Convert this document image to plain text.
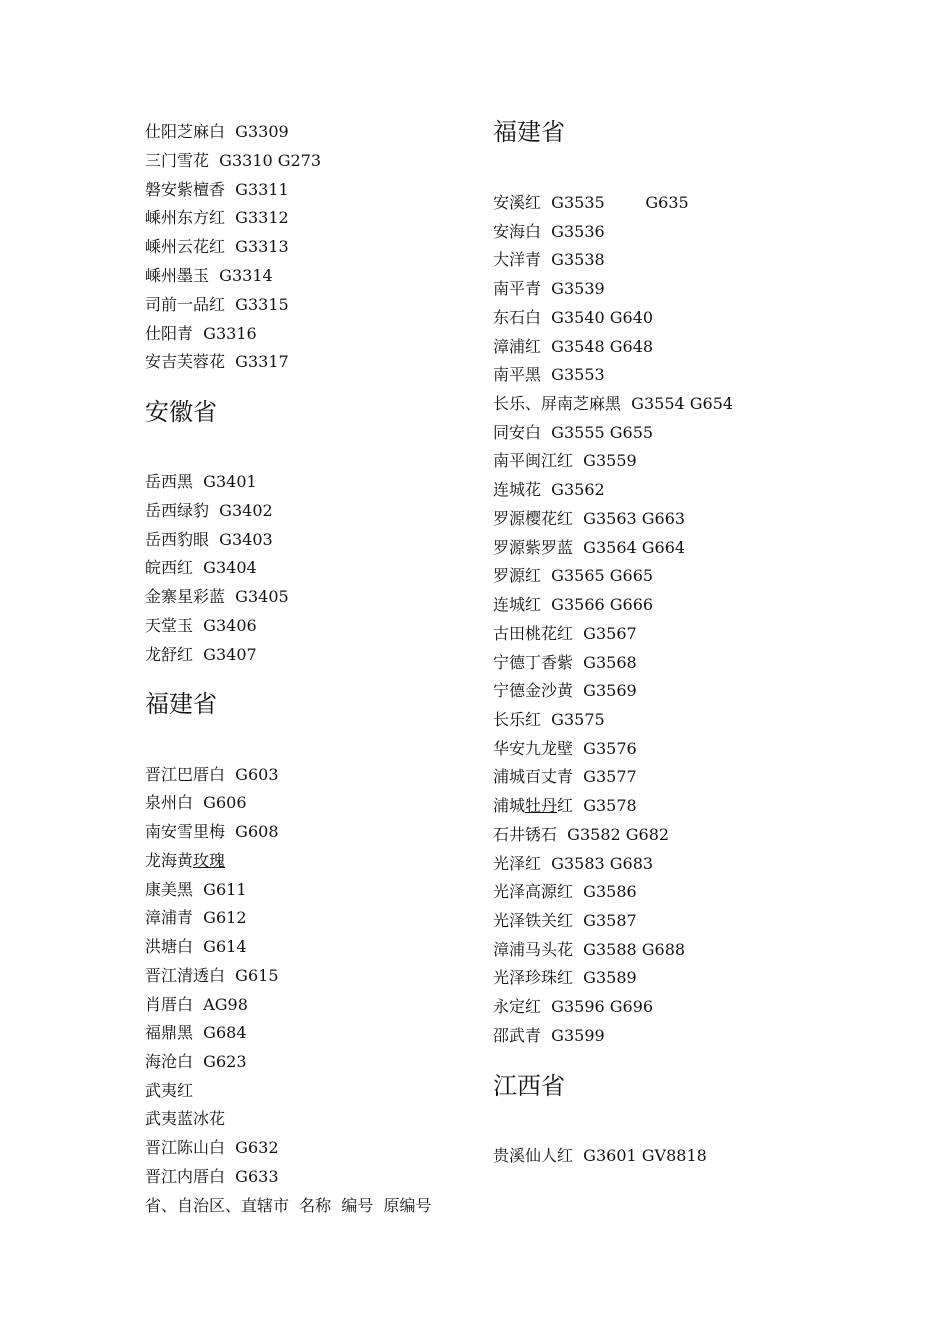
仕阳芝麻白  G3309
三门雪花  G3310 G273
磐安紫檀香  G3311
嵊州东方红  G3312
嵊州云花红  G3313
嵊州墨玉  G3314
司前一品红  G3315
仕阳青  G3316
安吉芙蓉花  G3317
安徽省
岳西黑  G3401
岳西绿豹  G3402
岳西豹眼  G3403
皖西红  G3404
金寨星彩蓝  G3405
天堂玉  G3406
龙舒红  G3407
福建省
晋江巴厝白  G603
泉州白  G606
南安雪里梅  G608
龙海黄玫瑰
康美黑  G611
漳浦青  G612
洪塘白  G614
晋江清透白  G615
肖厝白  AG98
福鼎黑  G684
海沧白  G623
武夷红
武夷蓝冰花
晋江陈山白  G632
晋江内厝白  G633
省、自治区、直辖市  名称  编号  原编号
福建省
安溪红  G3535        G635
安海白  G3536
大洋青  G3538
南平青  G3539
东石白  G3540 G640
漳浦红  G3548 G648
南平黑  G3553
长乐、屏南芝麻黑  G3554 G654
同安白  G3555 G655
南平闽江红  G3559
连城花  G3562
罗源樱花红  G3563 G663
罗源紫罗蓝  G3564 G664
罗源红  G3565 G665
连城红  G3566 G666
古田桃花红  G3567
宁德丁香紫  G3568
宁德金沙黄  G3569
长乐红  G3575
华安九龙壁  G3576
浦城百丈青  G3577
浦城牡丹红  G3578
石井锈石  G3582 G682
光泽红  G3583 G683
光泽高源红  G3586
光泽铁关红  G3587
漳浦马头花  G3588 G688
光泽珍珠红  G3589
永定红  G3596 G696
邵武青  G3599
江西省
贵溪仙人红  G3601 GV8818
